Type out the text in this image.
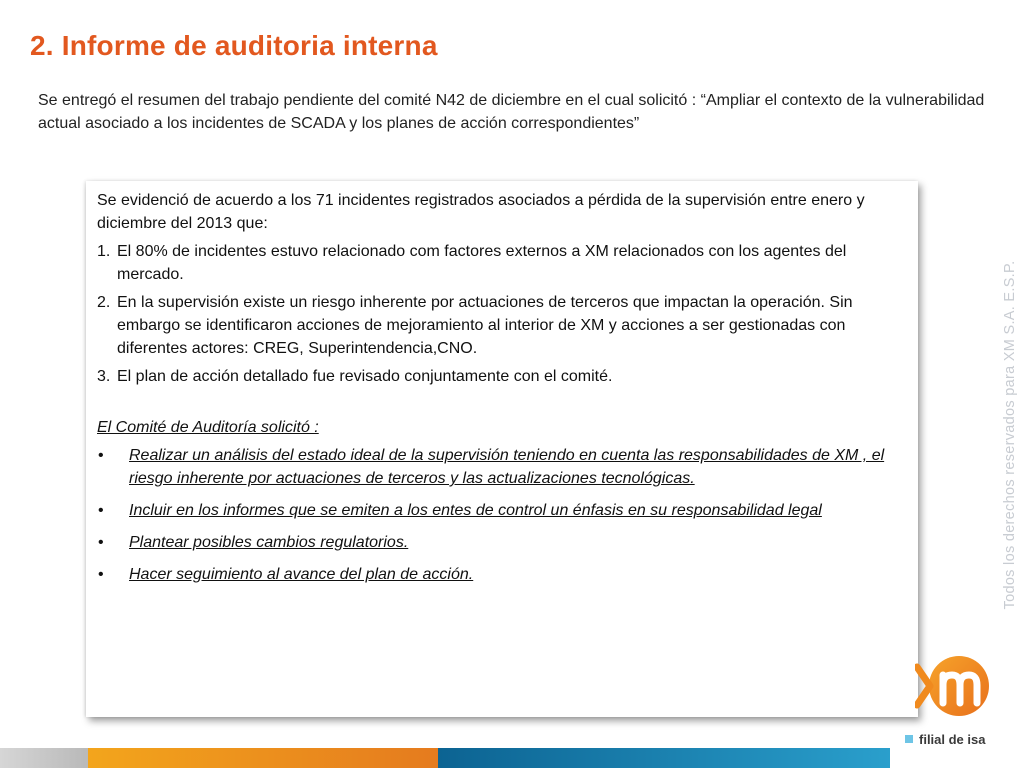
2. Informe de auditoria interna

Se entregó el resumen del trabajo pendiente del comité N42 de diciembre en el cual solicitó : “Ampliar el contexto de la vulnerabilidad actual asociado a los incidentes de SCADA y los planes de acción correspondientes”

Se evidenció de acuerdo a los 71 incidentes registrados asociados a pérdida de la supervisión entre enero y diciembre del 2013 que:

1. El 80% de incidentes estuvo relacionado com factores externos a XM relacionados con los agentes del mercado.
2. En la supervisión existe un riesgo inherente por actuaciones de terceros que impactan la operación. Sin embargo se identificaron acciones de mejoramiento al interior de XM y acciones a ser gestionadas con diferentes actores: CREG, Superintendencia,CNO.
3. El plan de acción detallado fue revisado conjuntamente con el comité.

El Comité de Auditoría solicitó :

• Realizar un análisis del estado ideal de la supervisión teniendo en cuenta las responsabilidades de XM , el riesgo inherente por actuaciones de terceros y las actualizaciones tecnológicas.
• Incluir en los informes que se emiten a los entes de control un énfasis en su responsabilidad legal
• Plantear posibles cambios regulatorios.
• Hacer seguimiento al avance del plan de acción.	Todos los derechos reservados para XM S.A. E.S.P.
filial de isa
